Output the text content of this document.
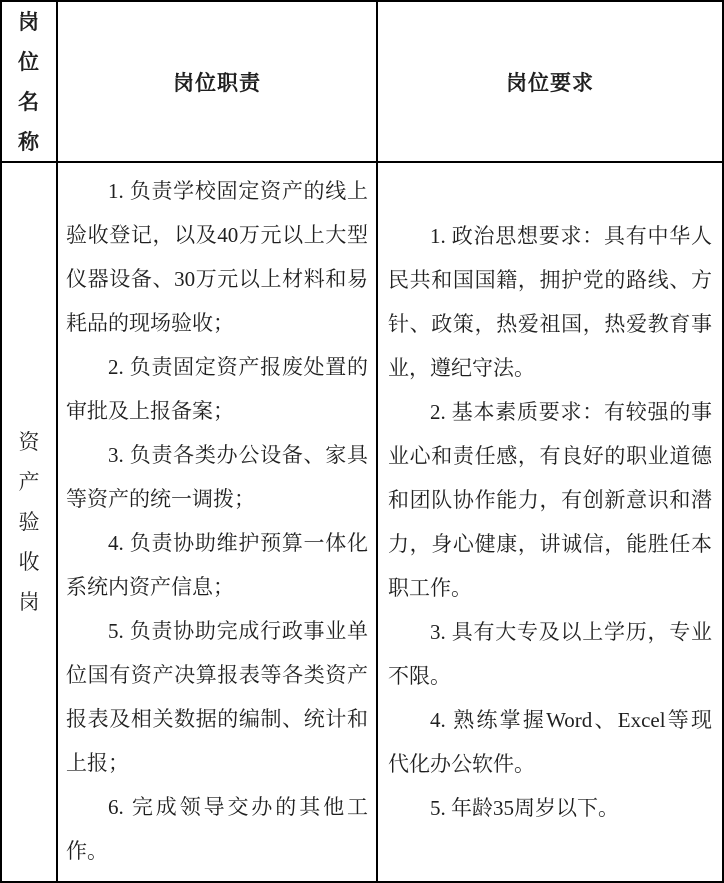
岗位名称
岗位职责	岗位要求
资产验收岗

1. 负责学校固定资产的线上验收登记，以及40万元以上大型仪器设备、30万元以上材料和易耗品的现场验收；

2. 负责固定资产报废处置的审批及上报备案；

3. 负责各类办公设备、家具等资产的统一调拨；

4. 负责协助维护预算一体化系统内资产信息；

5. 负责协助完成行政事业单位国有资产决算报表等各类资产报表及相关数据的编制、统计和上报；

6. 完成领导交办的其他工作。

1. 政治思想要求：具有中华人民共和国国籍，拥护党的路线、方针、政策，热爱祖国，热爱教育事业，遵纪守法。

2. 基本素质要求：有较强的事业心和责任感，有良好的职业道德和团队协作能力，有创新意识和潜力，身心健康，讲诚信，能胜任本职工作。

3. 具有大专及以上学历，专业不限。

4. 熟练掌握Word、Excel等现代化办公软件。

5. 年龄35周岁以下。
